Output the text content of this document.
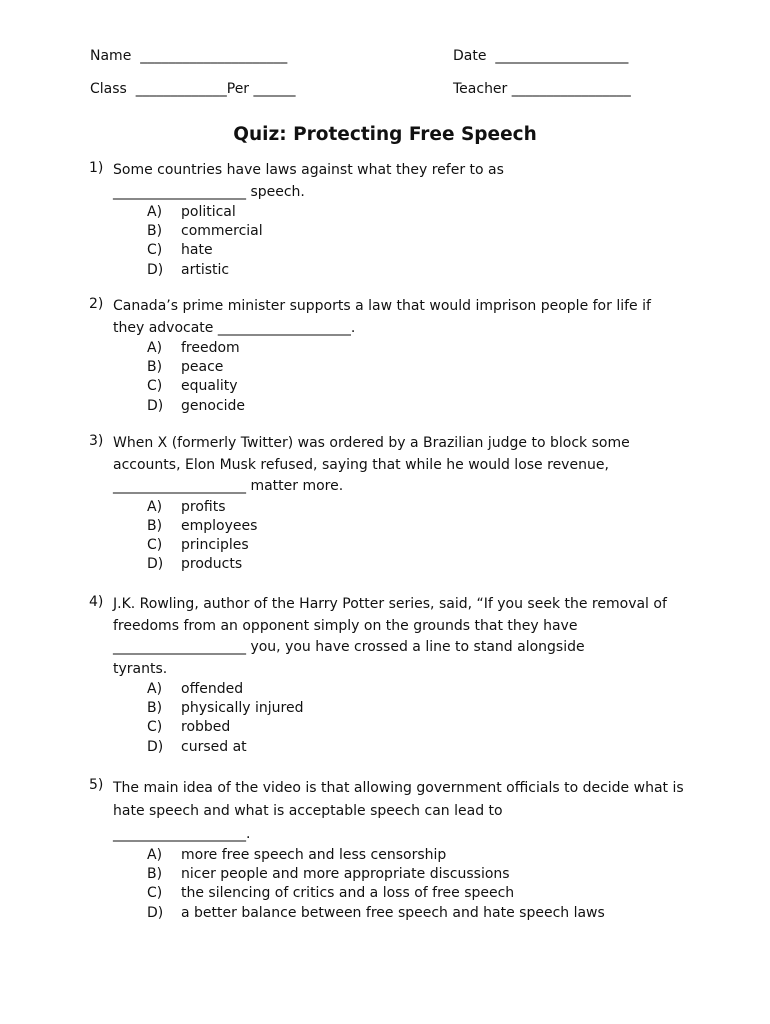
Name _____________________	Date ___________________
Class _____________Per ______	Teacher _________________
Quiz: Protecting Free Speech
1) Some countries have laws against what they refer to as
___________________ speech.
A)	political
B)	commercial
C)	hate
D)	artistic
2) Canada’s prime minister supports a law that would imprison people for life if
they advocate ___________________.
A)	freedom
B)	peace
C)	equality
D)	genocide
3) When X (formerly Twitter) was ordered by a Brazilian judge to block some
accounts, Elon Musk refused, saying that while he would lose revenue,
___________________ matter more.
A)	profits
B)	employees
C)	principles
D)	products
4) J.K. Rowling, author of the Harry Potter series, said, “If you seek the removal of
freedoms from an opponent simply on the grounds that they have
___________________ you, you have crossed a line to stand alongside
tyrants.
A)	offended
B)	physically injured
C)	robbed
D)	cursed at
5) The main idea of the video is that allowing government officials to decide what is
hate speech and what is acceptable speech can lead to
___________________.
A)	more free speech and less censorship
B)	nicer people and more appropriate discussions
C)	the silencing of critics and a loss of free speech
D)	a better balance between free speech and hate speech laws
